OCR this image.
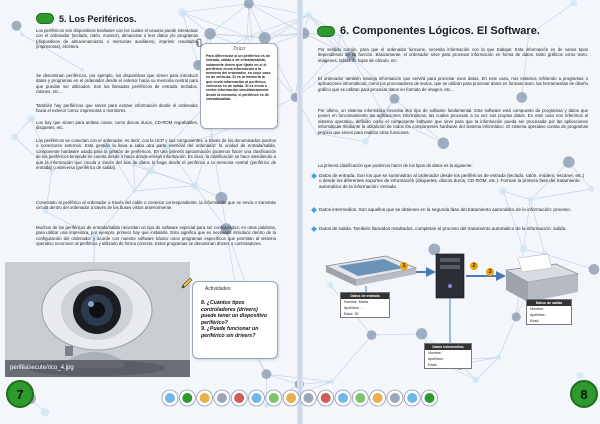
5. Los Periféricos.

Los periféricos son dispositivos hardware con los cuales el usuario puede interactuar con el ordenador (teclado, ratón, monitor), almacenar o leer datos y/o programas (dispositivos de almacenamiento o memorias auxiliares), imprimir resultados (impresoras), etcétera.

Se denominan periféricos, por ejemplo, los dispositivos que sirven para introducir datos y programas en el ordenador desde el exterior hacia su memoria central para que puedan ser utilizados. Son los llamados periféricos de entrada: teclados, ratones, etc...

También hay periféricos que sirven para extraer información desde el ordenador hacia el exterior como: impresoras o monitores.

Los hay que sirven para ambas cosas, como discos duros, CD-ROM regrabables, disquetes, etc.

Los periféricos se conectan con el ordenador, es decir, con la UCP y sus componentes, a través de los denominados puertos o conectores externos. Esta gestión la lleva a cabo otra parte esencial del ordenador: la unidad de entrada/salida, componente hardware usado para la gestión de periféricos. En una primera aproximación podemos hacer una clasificación de los periféricos teniendo en cuenta desde o hacia dónde envían información. Es decir, la clasificación se hace atendiendo a que la información que circula a través del bus de datos lo haga desde el periférico a la memoria central (periférico de entrada) o viceversa (periférico de salida).

Conectado al periférico al ordenador a través del cable o conector correspondiente, la información que se envía o transmite circula dentro del ordenador a través de los buses vistos anteriormente.

Muchos de los periféricos de entrada/salida necesitan un tipo de software especial para ser configurados; en otras palabras, para utilizar una impresora, por ejemplo, primero hay que instalarla. Esto significa que es necesario introducir dentro de la configuración del ordenador y acorde con nuestro software básico unos programas específicos que permitan al sistema operativo reconocer al periférico y utilizarlo de forma correcta. Estos programas se denominan drivers o controladores.

Truco
Para diferenciar si un periférico es de entrada, salida o de entrada/salida, solamente tienes que fijarte en si el periférico envía información a la memoria del ordenador, en cuyo caso es de entra-da. Si es la memoria la que envía información al periférico, entonces es de salida. Si es envía o recibe información simultáneamente desde la memoria, el periférico es de entrada/salida.
periféasecute/rico_4.jpg
Actividades
8. ¿Cuántos tipos controladores (drivers) puede tener un dispositivo periférico?
9. ¿Puede funcionar un periférico sin drivers?
7
6. Componentes Lógicos. El Software.

Por sentido común, para que el ordenador funcione, necesita información con la que trabajar. Esta información es de varios tipos dependiendo de su función. Básicamente, el ordenador sirve para procesar información en forma de datos, tanto gráficos como texto, imágenes, tablas de hojas de cálculo, etc.

El ordenador también maneja información que servirá para procesar esos datos. En este caso, nos estamos refiriendo a programas o aplicaciones informáticas, como los procesadores de textos, que se utilizan para procesar datos en formato texto, las herramientas de diseño gráfico que se utilizan para procesar datos en formato de imagen, etc...

Por último, un sistema informático necesita otro tipo de software fundamental. Este software está compuesto de programas y datos que ponen en funcionamiento las aplicaciones informáticas, las cuales procesan a su vez sus propios datos. En este caso nos referimos al sistema operativo, definido como el componente software que sirve para que la información pueda ser procesada por las aplicaciones informáticas mediante la utilización de todos los componentes hardware del sistema informático. El sistema operativo consta de programas propios que sirven para realizar otras funciones.

La primera clasificación que podemos hacer de los tipos de datos es la siguiente:

Datos de entrada. Son los que se suministran al ordenador desde los periféricos de entrada (teclado, ratón, módem, escáner, etc.) o desde los diferentes soportes de información (disquetes, discos duros, CD-ROM, etc.). Forman la primera fase del tratamiento automático de la información: entrada.
Datos intermedios. Son aquellos que se obtienen en la segunda fase del tratamiento automático de la información: proceso.
Datos de salida. También llamados resultados, completan el proceso del tratamiento automático de la información: salida.
Datos de entrada
Nombre: Marta
Apellidos: ...
Edad: 35
Datos intermedios
Nombre:
Apellidos:
Edad:
Datos de salida
Nombre:
Apellidos:
Edad:
1	2
3
8
